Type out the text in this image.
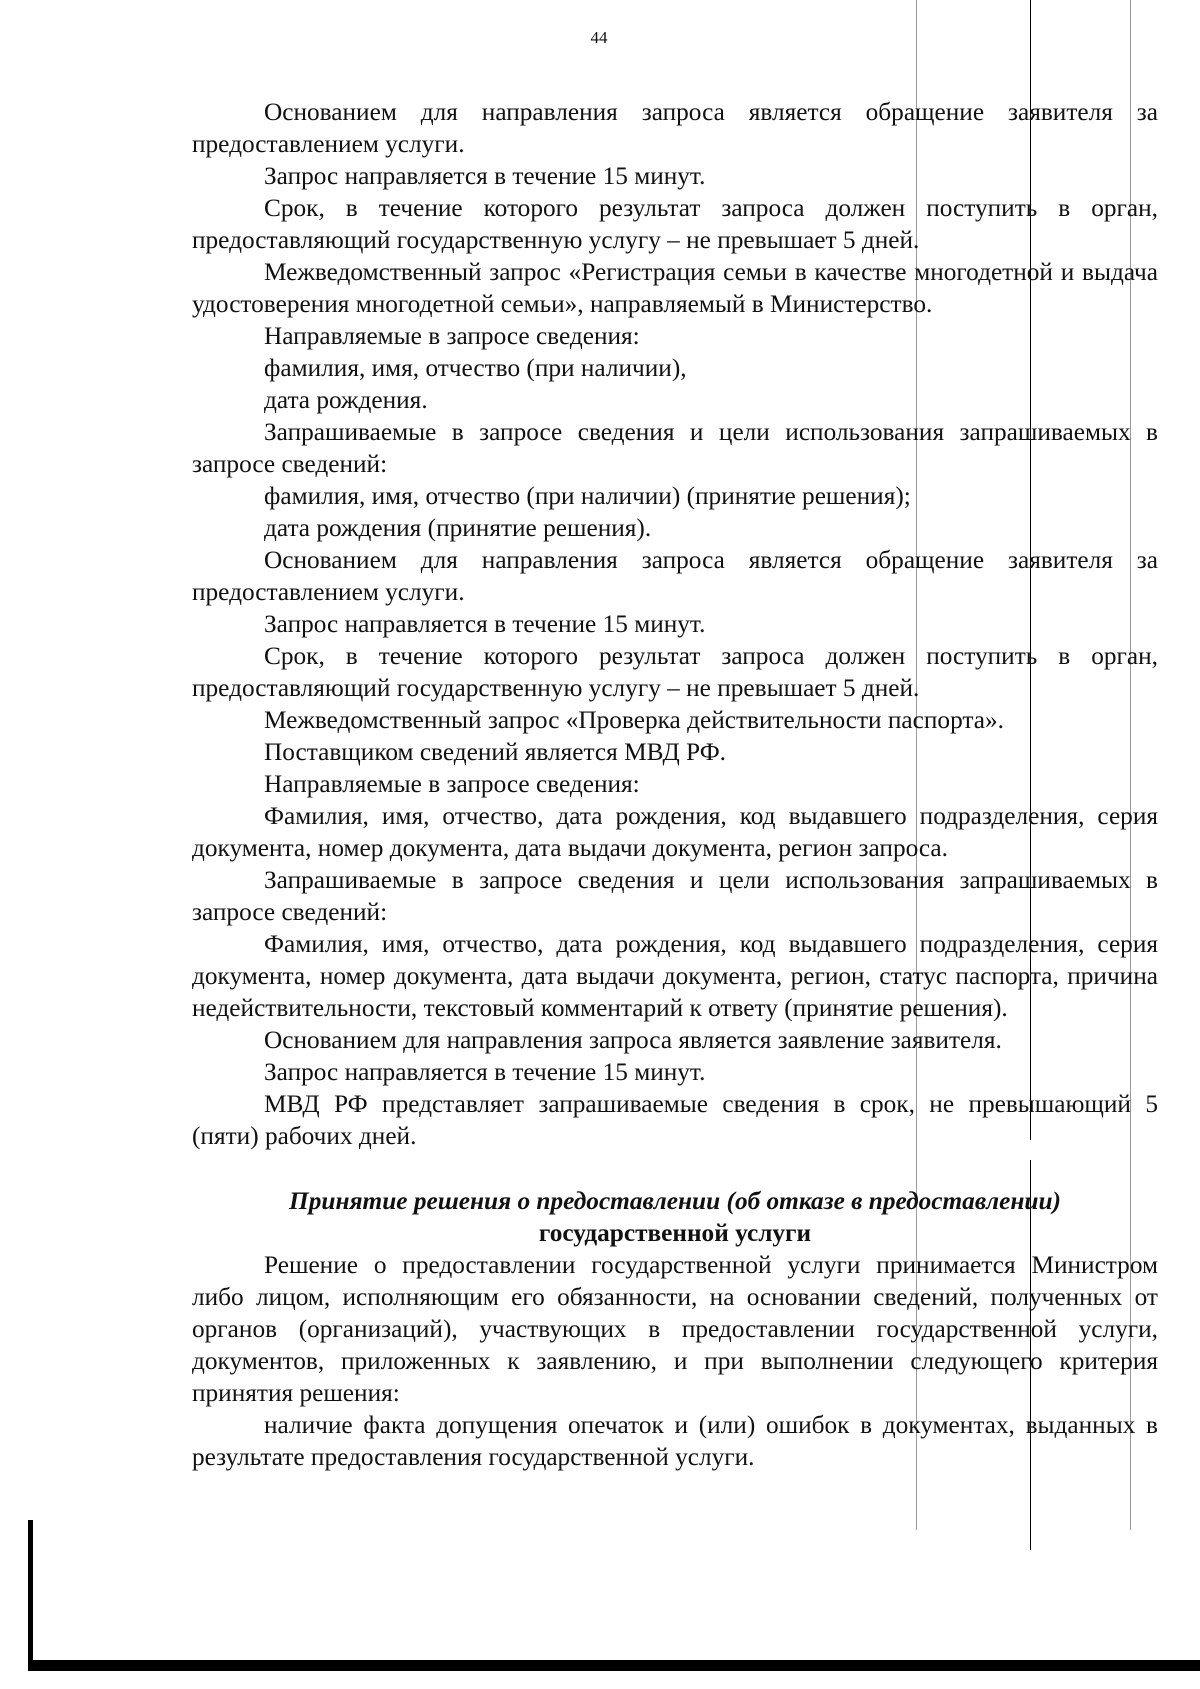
44

Основанием для направления запроса является обращение заявителя за предоставлением услуги.

Запрос направляется в течение 15 минут.

Срок, в течение которого результат запроса должен поступить в орган, предоставляющий государственную услугу – не превышает 5 дней.

Межведомственный запрос «Регистрация семьи в качестве многодетной и выдача удостоверения многодетной семьи», направляемый в Министерство.

Направляемые в запросе сведения:

фамилия, имя, отчество (при наличии),

дата рождения.

Запрашиваемые в запросе сведения и цели использования запрашиваемых в запросе сведений:

фамилия, имя, отчество (при наличии) (принятие решения);

дата рождения (принятие решения).

Основанием для направления запроса является обращение заявителя за предоставлением услуги.

Запрос направляется в течение 15 минут.

Срок, в течение которого результат запроса должен поступить в орган, предоставляющий государственную услугу – не превышает 5 дней.

Межведомственный запрос «Проверка действительности паспорта».

Поставщиком сведений является МВД РФ.

Направляемые в запросе сведения:

Фамилия, имя, отчество, дата рождения, код выдавшего подразделения, серия документа, номер документа, дата выдачи документа, регион запроса.

Запрашиваемые в запросе сведения и цели использования запрашиваемых в запросе сведений:

Фамилия, имя, отчество, дата рождения, код выдавшего подразделения, серия документа, номер документа, дата выдачи документа, регион, статус паспорта, причина недействительности, текстовый комментарий к ответу (принятие решения).

Основанием для направления запроса является заявление заявителя.

Запрос направляется в течение 15 минут.

МВД РФ представляет запрашиваемые сведения в срок, не превышающий 5 (пяти) рабочих дней.

Принятие решения о предоставлении (об отказе в предоставлении)
государственной услуги

Решение о предоставлении государственной услуги принимается Министром либо лицом, исполняющим его обязанности, на основании сведений, полученных от органов (организаций), участвующих в предоставлении государственной услуги, документов, приложенных к заявлению, и при выполнении следующего критерия принятия решения:

наличие факта допущения опечаток и (или) ошибок в документах, выданных в результате предоставления государственной услуги.
